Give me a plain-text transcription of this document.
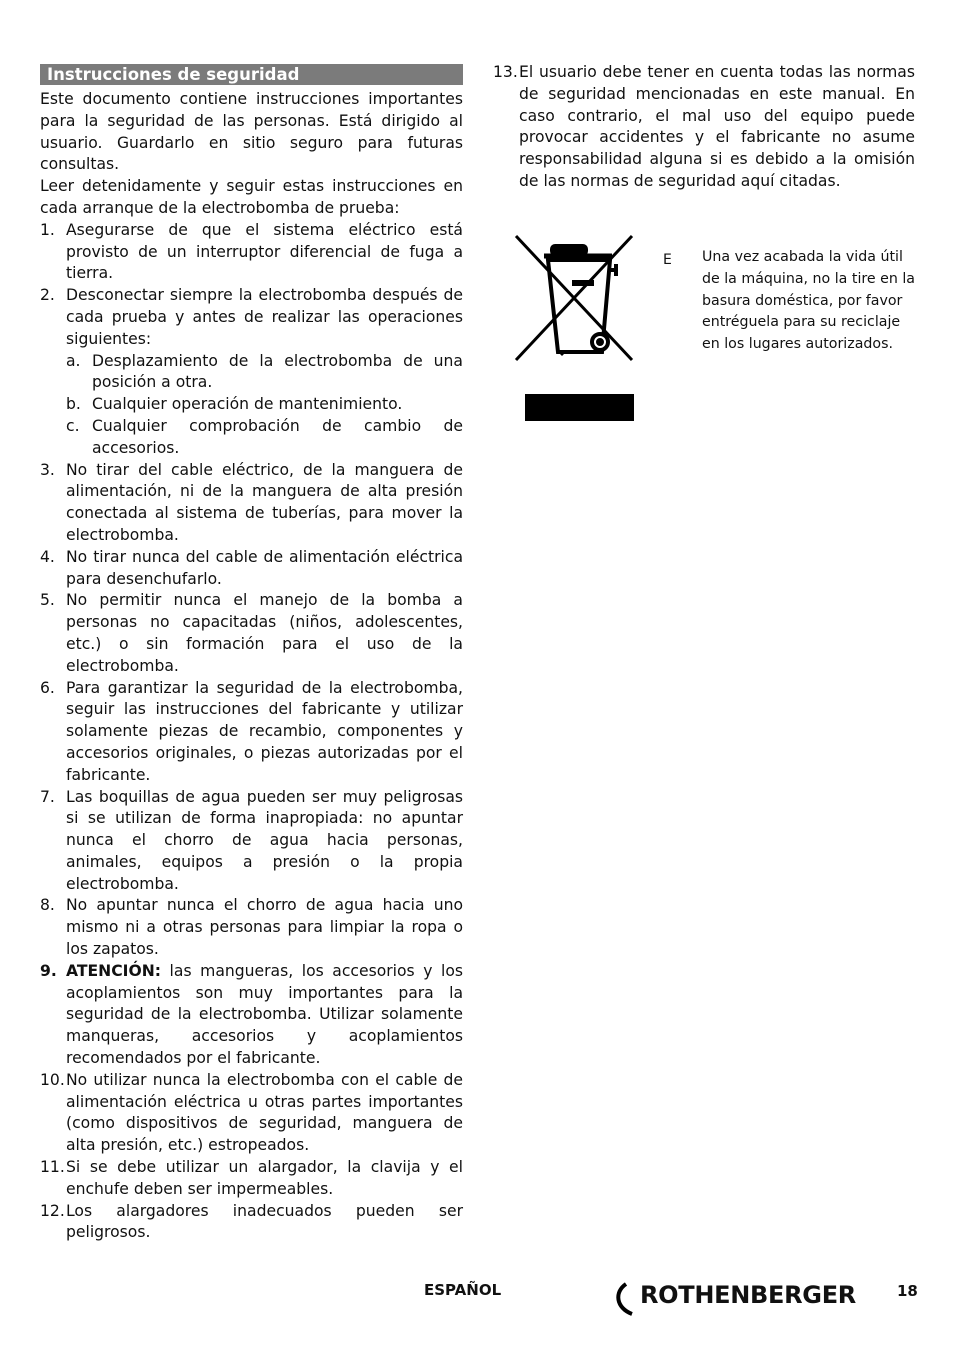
Instrucciones de seguridad

Este documento contiene instrucciones importantes para la seguridad de las personas. Está dirigido al usuario. Guardarlo en sitio seguro para futuras consultas.

Leer detenidamente y seguir estas instrucciones en cada arranque de la electrobomba de prueba:

1. Asegurarse de que el sistema eléctrico está provisto de un interruptor diferencial de fuga a tierra.
2. Desconectar siempre la electrobomba después de cada prueba y antes de realizar las operaciones siguientes:
a. Desplazamiento de la electrobomba de una posición a otra.
b. Cualquier operación de mantenimiento.
c. Cualquier comprobación de cambio de accesorios.
3. No tirar del cable eléctrico, de la manguera de alimentación, ni de la manguera de alta presión conectada al sistema de tuberías, para mover la electrobomba.
4. No tirar nunca del cable de alimentación eléctrica para desenchufarlo.
5. No permitir nunca el manejo de la bomba a personas no capacitadas (niños, adolescentes, etc.) o sin formación para el uso de la electrobomba.
6. Para garantizar la seguridad de la electrobomba, seguir las instrucciones del fabricante y utilizar solamente piezas de recambio, componentes y accesorios originales, o piezas autorizadas por el fabricante.
7. Las boquillas de agua pueden ser muy peligrosas si se utilizan de forma inapropiada: no apuntar nunca el chorro de agua hacia personas, animales, equipos a presión o la propia electrobomba.
8. No apuntar nunca el chorro de agua hacia uno mismo ni a otras personas para limpiar la ropa o los zapatos.
9. ATENCIÓN: las mangueras, los accesorios y los acoplamientos son muy importantes para la seguridad de la electrobomba. Utilizar solamente manqueras, accesorios y acoplamientos recomendados por el fabricante.
10. No utilizar nunca la electrobomba con el cable de alimentación eléctrica u otras partes importantes (como dispositivos de seguridad, manguera de alta presión, etc.) estropeados.
11. Si se debe utilizar un alargador, la clavija y el enchufe deben ser impermeables.
12. Los alargadores inadecuados pueden ser peligrosos.
13. El usuario debe tener en cuenta todas las normas de seguridad mencionadas en este manual. En caso contrario, el mal uso del equipo puede provocar accidentes y el fabricante no asume responsabilidad alguna si es debido a la omisión de las normas de seguridad aquí citadas.
E Una vez acabada la vida útil de la máquina, no la tire en la basura doméstica, por favor entréguela para su reciclaje en los lugares autorizados.
ESPAÑOL	ROTHENBERGER	18
